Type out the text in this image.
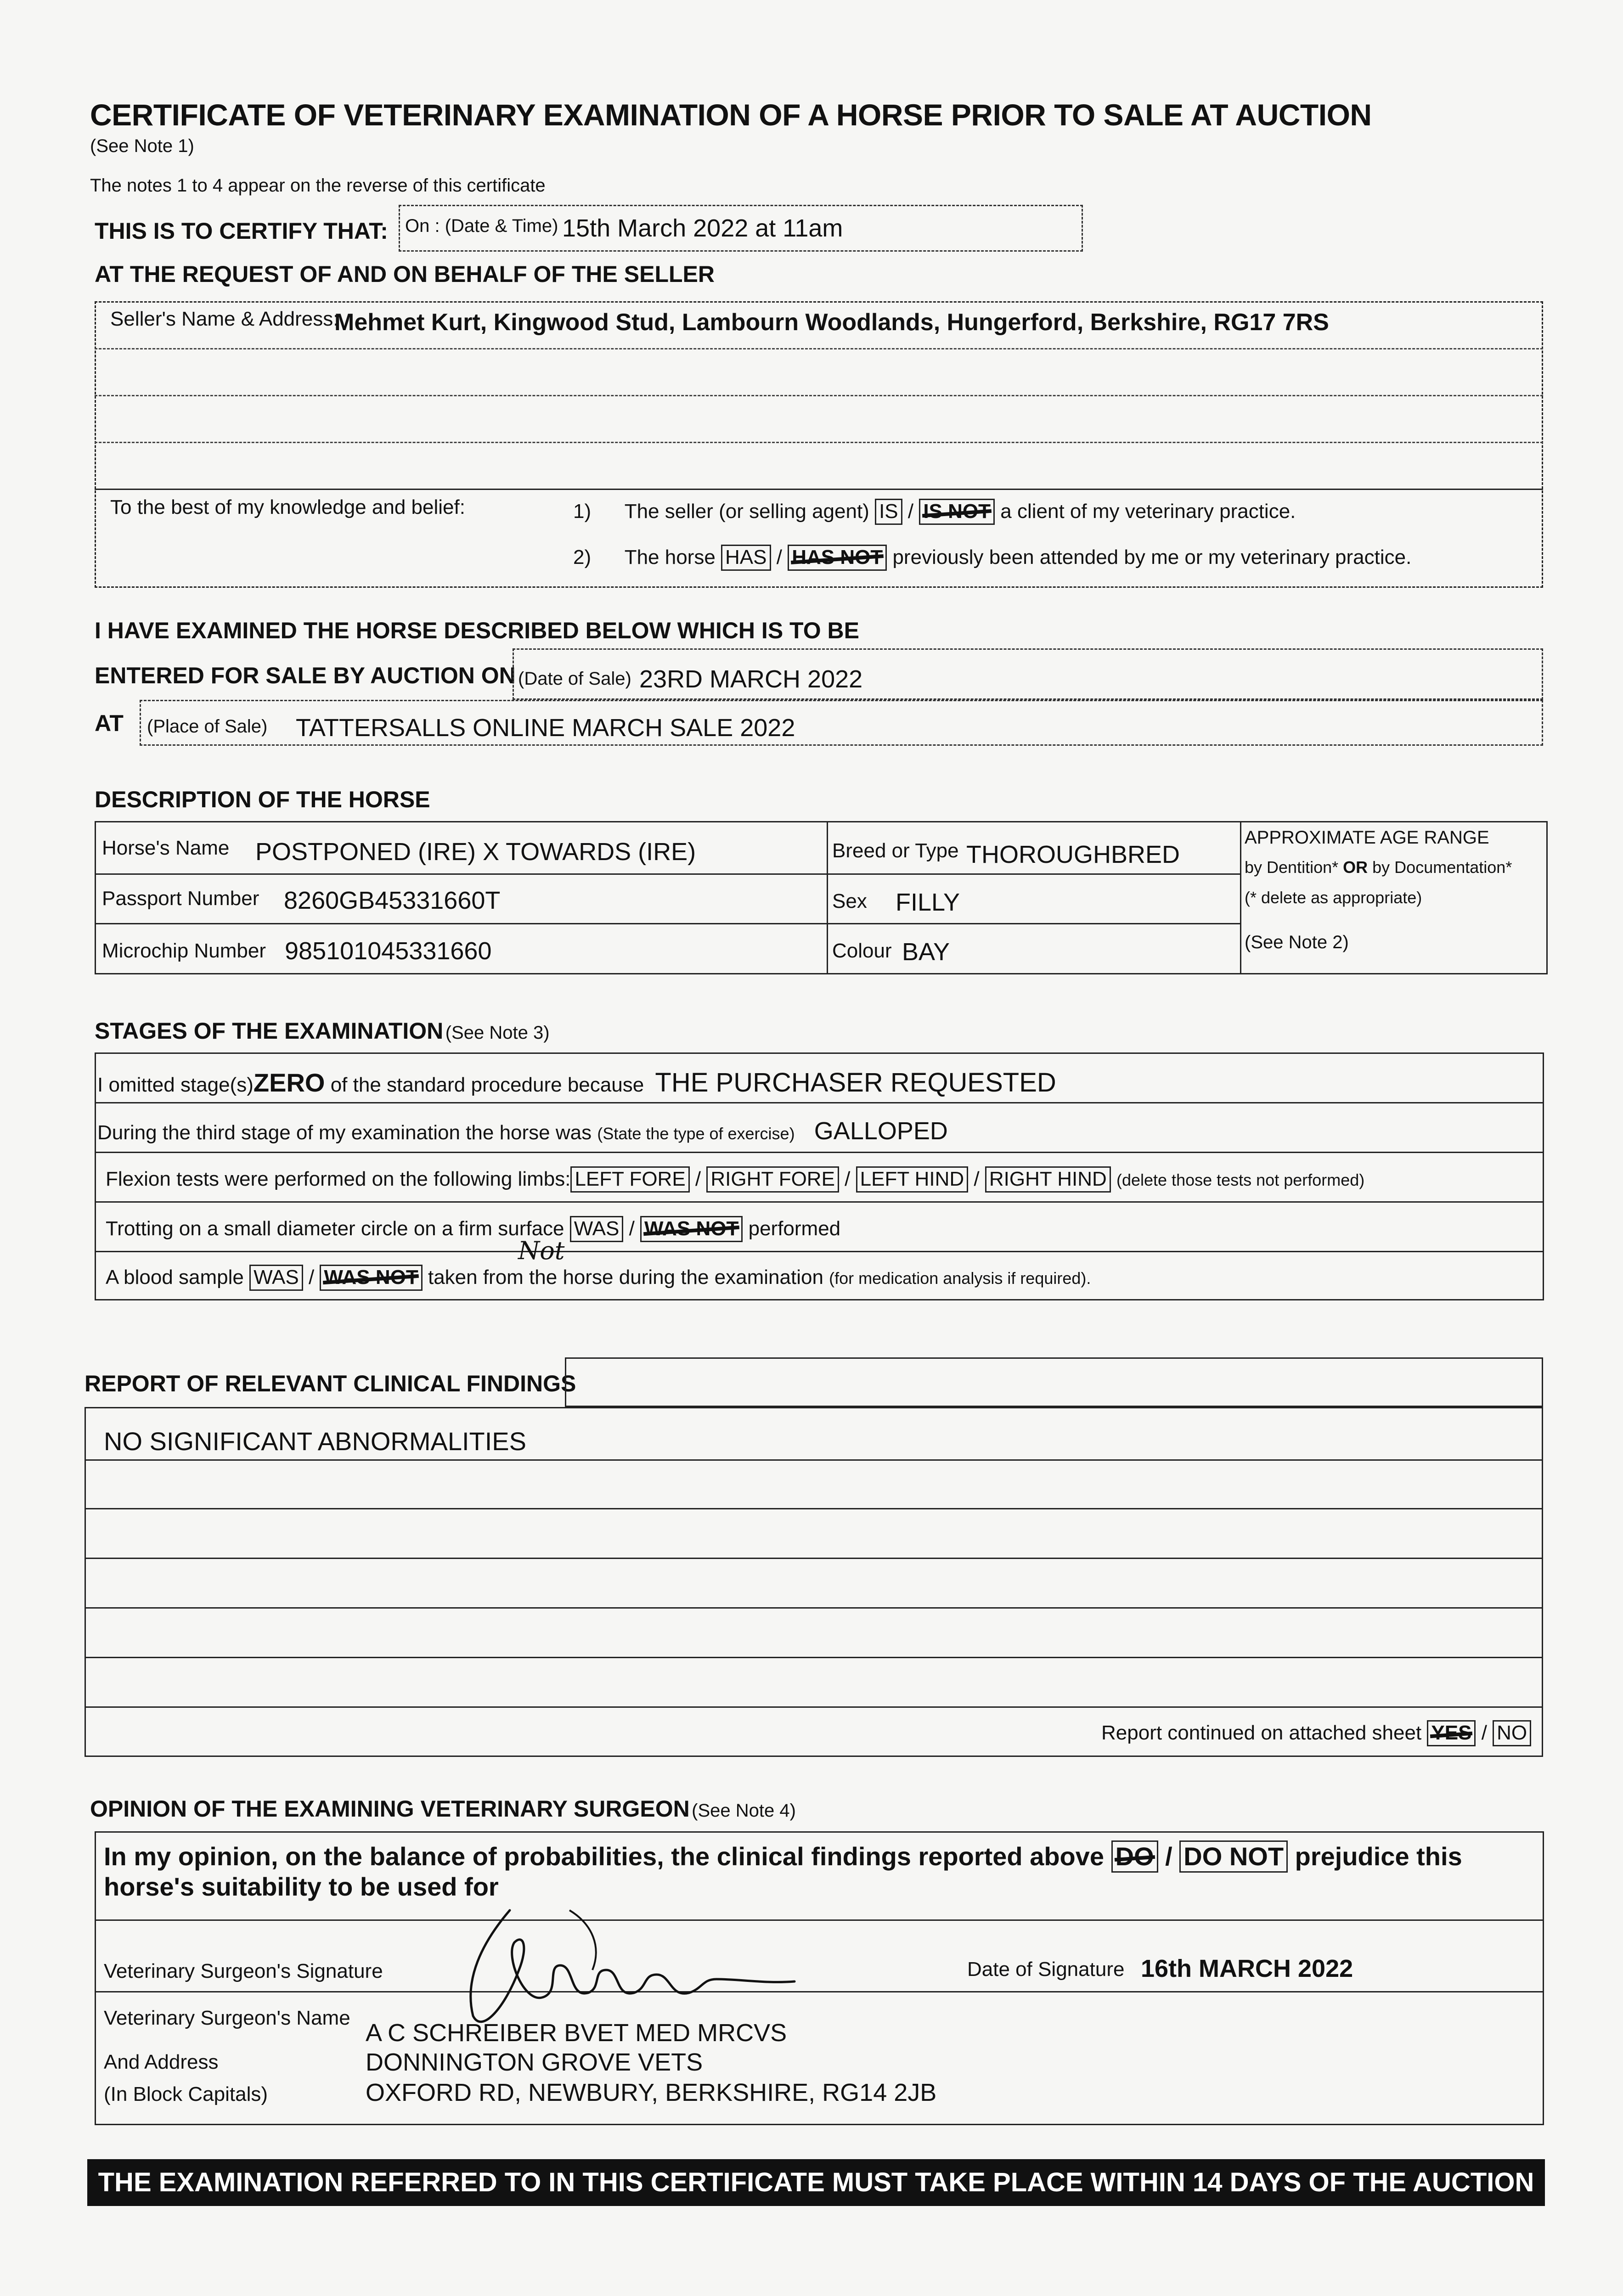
CERTIFICATE OF VETERINARY EXAMINATION OF A HORSE PRIOR TO SALE AT AUCTION
(See Note 1)
The notes 1 to 4 appear on the reverse of this certificate
THIS IS TO CERTIFY THAT: On : (Date & Time) 15th March 2022 at 11am
AT THE REQUEST OF AND ON BEHALF OF THE SELLER
Seller's Name & Address:
Mehmet Kurt, Kingwood Stud, Lambourn Woodlands, Hungerford, Berkshire, RG17 7RS
To the best of my knowledge and belief:	1) The seller (or selling agent) IS / IS NOT a client of my veterinary practice.
2) The horse HAS / HAS NOT previously been attended by me or my veterinary practice.
I HAVE EXAMINED THE HORSE DESCRIBED BELOW WHICH IS TO BE
ENTERED FOR SALE BY AUCTION ON (Date of Sale) 23RD MARCH 2022
AT (Place of Sale) TATTERSALLS ONLINE MARCH SALE 2022
DESCRIPTION OF THE HORSE
Horse's Name POSTPONED (IRE) X TOWARDS (IRE)
Passport Number 8260GB45331660T
Microchip Number 985101045331660
Breed or Type THOROUGHBRED
Sex FILLY
Colour BAY
APPROXIMATE AGE RANGE
by Dentition* OR by Documentation*
(* delete as appropriate)
(See Note 2)
STAGES OF THE EXAMINATION (See Note 3)
I omitted stage(s)ZERO of the standard procedure because THE PURCHASER REQUESTED
During the third stage of my examination the horse was (State the type of exercise) GALLOPED
Flexion tests were performed on the following limbs: LEFT FORE / RIGHT FORE / LEFT HIND / RIGHT HIND (delete those tests not performed)
Trotting on a small diameter circle on a firm surface WAS / WAS NOT performed
A blood sample WAS / WAS NOT taken from the horse during the examination (for medication analysis if required).
Not
REPORT OF RELEVANT CLINICAL FINDINGS
NO SIGNIFICANT ABNORMALITIES
Report continued on attached sheet YES / NO
OPINION OF THE EXAMINING VETERINARY SURGEON (See Note 4)
In my opinion, on the balance of probabilities, the clinical findings reported above DO / DO NOT prejudice this
horse's suitability to be used for
Veterinary Surgeon's Signature	Date of Signature 16th MARCH 2022
Veterinary Surgeon's Name
And Address
(In Block Capitals)
A C SCHREIBER BVET MED MRCVS
DONNINGTON GROVE VETS
OXFORD RD, NEWBURY, BERKSHIRE, RG14 2JB
THE EXAMINATION REFERRED TO IN THIS CERTIFICATE MUST TAKE PLACE WITHIN 14 DAYS OF THE AUCTION
